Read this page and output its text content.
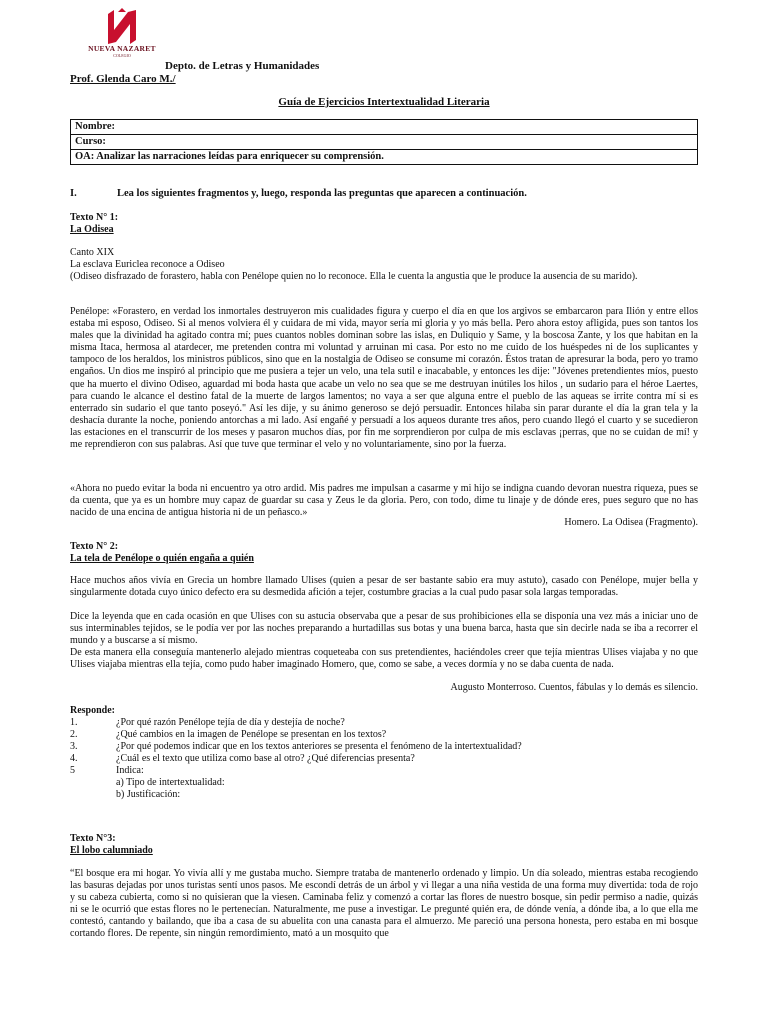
NUEVA NAZARET
COLEGIO
Depto. de Letras y Humanidades
Prof. Glenda Caro M./
Guía de Ejercicios Intertextualidad Literaria
Nombre:
Curso:
OA: Analizar las narraciones leídas para enriquecer su comprensión.
I.	Lea los siguientes fragmentos y, luego, responda las preguntas que aparecen a continuación.

Texto N° 1:

La Odisea

Canto XIX

La esclava Euriclea reconoce a Odiseo

(Odiseo disfrazado de forastero, habla con Penélope quien no lo reconoce. Ella le cuenta la angustia que le produce la ausencia de su marido).

Penélope: «Forastero, en verdad los inmortales destruyeron mis cualidades figura y cuerpo el día en que los argivos se embarcaron para Ilión y entre ellos estaba mi esposo, Odiseo. Si al menos volviera él y cuidara de mi vida, mayor sería mi gloria y yo más bella. Pero ahora estoy afligida, pues son tantos los males que la divinidad ha agitado contra mí; pues cuantos nobles dominan sobre las islas, en Duliquio y Same, y la boscosa Zante, y los que habitan en la misma Itaca, hermosa al atardecer, me pretenden contra mi voluntad y arruinan mi casa. Por esto no me cuido de los huéspedes ni de los suplicantes y tampoco de los heraldos, los ministros públicos, sino que en la nostalgia de Odiseo se consume mi corazón. Éstos tratan de apresurar la boda, pero yo tramo engaños. Un dios me inspiró al principio que me pusiera a tejer un velo, una tela sutil e inacabable, y entonces les dije: "Jóvenes pretendientes míos, puesto que ha muerto el divino Odiseo, aguardad mi boda hasta que acabe un velo no sea que se me destruyan inútiles los hilos , un sudario para el héroe Laertes, para cuando le alcance el destino fatal de la muerte de largos lamentos; no vaya a ser que alguna entre el pueblo de las aqueas se irrite contra mí si es enterrado sin sudario el que tanto poseyó." Así les dije, y su ánimo generoso se dejó persuadir. Entonces hilaba sin parar durante el día la gran tela y la deshacía durante la noche, poniendo antorchas a mi lado. Así engañé y persuadí a los aqueos durante tres años, pero cuando llegó el cuarto y se sucedieron las estaciones en el transcurrir de los meses y pasaron muchos días, por fin me sorprendieron por culpa de mis esclavas ¡perras, que no se cuidan de mí! y me reprendieron con sus palabras. Así que tuve que terminar el velo y no voluntariamente, sino por la fuerza.
«Ahora no puedo evitar la boda ni encuentro ya otro ardid. Mis padres me impulsan a casarme y mi hijo se indigna cuando devoran nuestra riqueza, pues se da cuenta, que ya es un hombre muy capaz de guardar su casa y Zeus le da gloria. Pero, con todo, dime tu linaje y de dónde eres, pues seguro que no has nacido de una encina de antigua historia ni de un peñasco.»
Homero. La Odisea (Fragmento).

Texto N° 2:

La tela de Penélope o quién engaña a quién

Hace muchos años vivía en Grecia un hombre llamado Ulises (quien a pesar de ser bastante sabio era muy astuto), casado con Penélope, mujer bella y singularmente dotada cuyo único defecto era su desmedida afición a tejer, costumbre gracias a la cual pudo pasar sola largas temporadas.
Dice la leyenda que en cada ocasión en que Ulises con su astucia observaba que a pesar de sus prohibiciones ella se disponía una vez más a iniciar uno de sus interminables tejidos, se le podía ver por las noches preparando a hurtadillas sus botas y una buena barca, hasta que sin decirle nada se iba a recorrer el mundo y a buscarse a sí mismo.
De esta manera ella conseguía mantenerlo alejado mientras coqueteaba con sus pretendientes, haciéndoles creer que tejía mientras Ulises viajaba y no que Ulises viajaba mientras ella tejía, como pudo haber imaginado Homero, que, como se sabe, a veces dormía y no se daba cuenta de nada.
Augusto Monterroso. Cuentos, fábulas y lo demás es silencio.

Responde:

1.	¿Por qué razón Penélope tejía de día y destejía de noche?
2.	¿Qué cambios en la imagen de Penélope se presentan en los textos?
3.	¿Por qué podemos indicar que en los textos anteriores se presenta el fenómeno de la intertextualidad?
4.	¿Cuál es el texto que utiliza como base al otro? ¿Qué diferencias presenta?
5	Indica:

a) Tipo de intertextualidad:

b) Justificación:

Texto N°3:

El lobo calumniado

“El bosque era mi hogar. Yo vivía allí y me gustaba mucho. Siempre trataba de mantenerlo ordenado y limpio. Un día soleado, mientras estaba recogiendo las basuras dejadas por unos turistas sentí unos pasos. Me escondí detrás de un árbol y vi llegar a una niña vestida de una forma muy divertida: toda de rojo y su cabeza cubierta, como si no quisieran que la viesen. Caminaba feliz y comenzó a cortar las flores de nuestro bosque, sin pedir permiso a nadie, quizás ni se le ocurrió que estas flores no le pertenecían. Naturalmente, me puse a investigar. Le pregunté quién era, de dónde venía, a dónde iba, a lo que ella me contestó, cantando y bailando, que iba a casa de su abuelita con una canasta para el almuerzo. Me pareció una persona honesta, pero estaba en mi bosque cortando flores. De repente, sin ningún remordimiento, mató a un mosquito que
